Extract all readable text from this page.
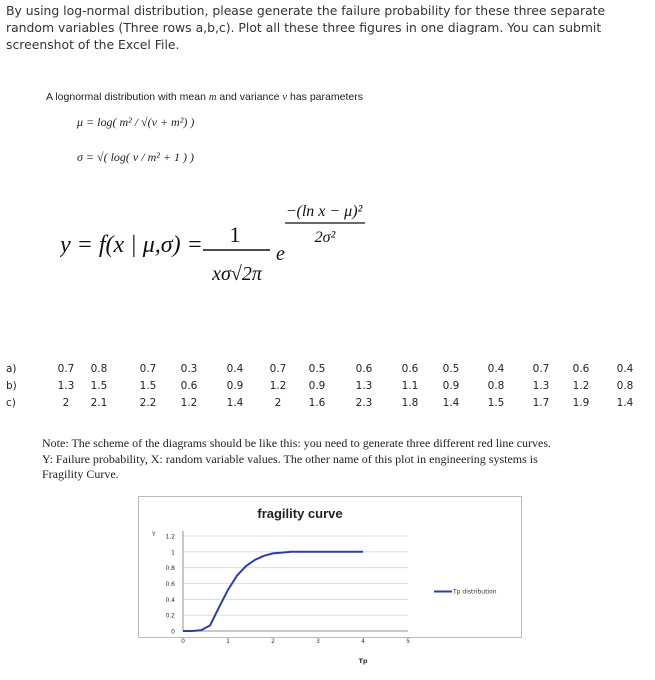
By using log-normal distribution, please generate the failure probability for these three separate random variables (Three rows a,b,c). Plot all these three figures in one diagram. You can submit screenshot of the Excel File.
A lognormal distribution with mean m and variance v has parameters
μ = log( m² / √(v + m²) )
σ = √( log( v / m² + 1 ) )
y = f(x | μ,σ) = 1
xσ√2π
e
−(ln x − μ)²
2σ²
a)	0.7	0.8	0.7	0.3	0.4	0.7	0.5	0.6	0.6	0.5	0.4	0.7	0.6	0.4
b)	1.3	1.5	1.5	0.6	0.9	1.2	0.9	1.3	1.1	0.9	0.8	1.3	1.2	0.8
c)	2	2.1	2.2	1.2	1.4	2	1.6	2.3	1.8	1.4	1.5	1.7	1.9	1.4
Note: The scheme of the diagrams should be like this: you need to generate three different red line curves.
Y: Failure probability, X: random variable values. The other name of this plot in engineering systems is
Fragility Curve.
fragility curve
Y
0
0.2
0.4
0.6
0.8
1
1.2
0	1	2	3	4	5
Tp
Tp distribution
